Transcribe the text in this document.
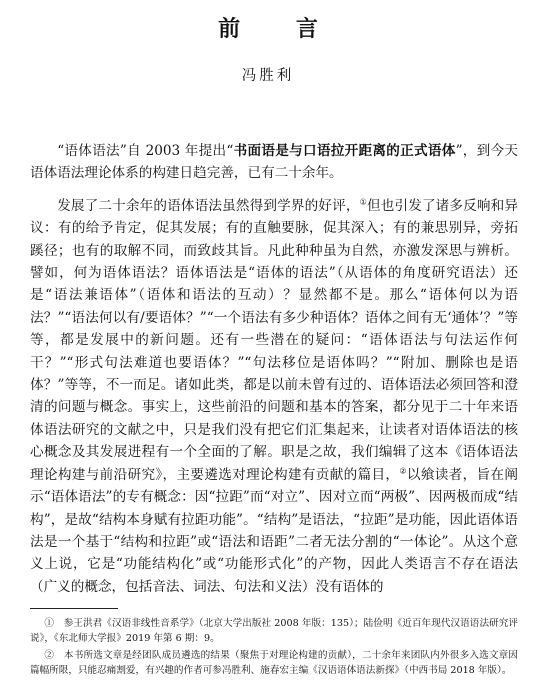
前 言
冯胜利

“语体语法”自 2003 年提出“书面语是与口语拉开距离的正式语体”，到今天语体语法理论体系的构建日趋完善，已有二十余年。

发展了二十余年的语体语法虽然得到学界的好评，①但也引发了诸多反响和异议：有的给予肯定，促其发展；有的直触要脉，促其深入；有的兼思别异，旁拓蹊径；也有的取解不同，而致歧其旨。凡此种种虽为自然，亦激发深思与辨析。譬如，何为语体语法？语体语法是“语体的语法”（从语体的角度研究语法）还是“语法兼语体”（语体和语法的互动）？显然都不是。那么“语体何以为语法？”“语法何以有/要语体？”“一个语法有多少种语体？语体之间有无‘通体’？”等等，都是发展中的新问题。还有一些潜在的疑问：“语体语法与句法运作何干？”“形式句法难道也要语体？”“句法移位是语体吗？”“附加、删除也是语体？”等等，不一而足。诸如此类，都是以前未曾有过的、语体语法必须回答和澄清的问题与概念。事实上，这些前沿的问题和基本的答案，都分见于二十年来语体语法研究的文献之中，只是我们没有把它们汇集起来，让读者对语体语法的核心概念及其发展进程有一个全面的了解。职是之故，我们编辑了这本《语体语法理论构建与前沿研究》，主要遴选对理论构建有贡献的篇目，②以飨读者，旨在阐示“语体语法”的专有概念：因“拉距”而“对立”、因对立而“两极”、因两极而成“结构”，是故“结构本身赋有拉距功能”。“结构”是语法，“拉距”是功能，因此语体语法是一个基于“结构和拉距”或“语法和语距”二者无法分割的“一体论”。从这个意义上说，它是“功能结构化”或“功能形式化”的产物，因此人类语言不存在语法（广义的概念，包括音法、词法、句法和义法）没有语体的

①　参王洪君《汉语非线性音系学》（北京大学出版社 2008 年版：135）；陆俭明《近百年现代汉语语法研究评说》，《东北师大学报》2019 年第 6 期：9。

②　本书所选文章是经团队成员遴选的结果（聚焦于对理论构建的贡献），二十余年来团队内外很多入选文章因篇幅所限，只能忍痛割爱，有兴趣的作者可参冯胜利、施春宏主编《汉语语体语法新探》（中西书局 2018 年版）。
